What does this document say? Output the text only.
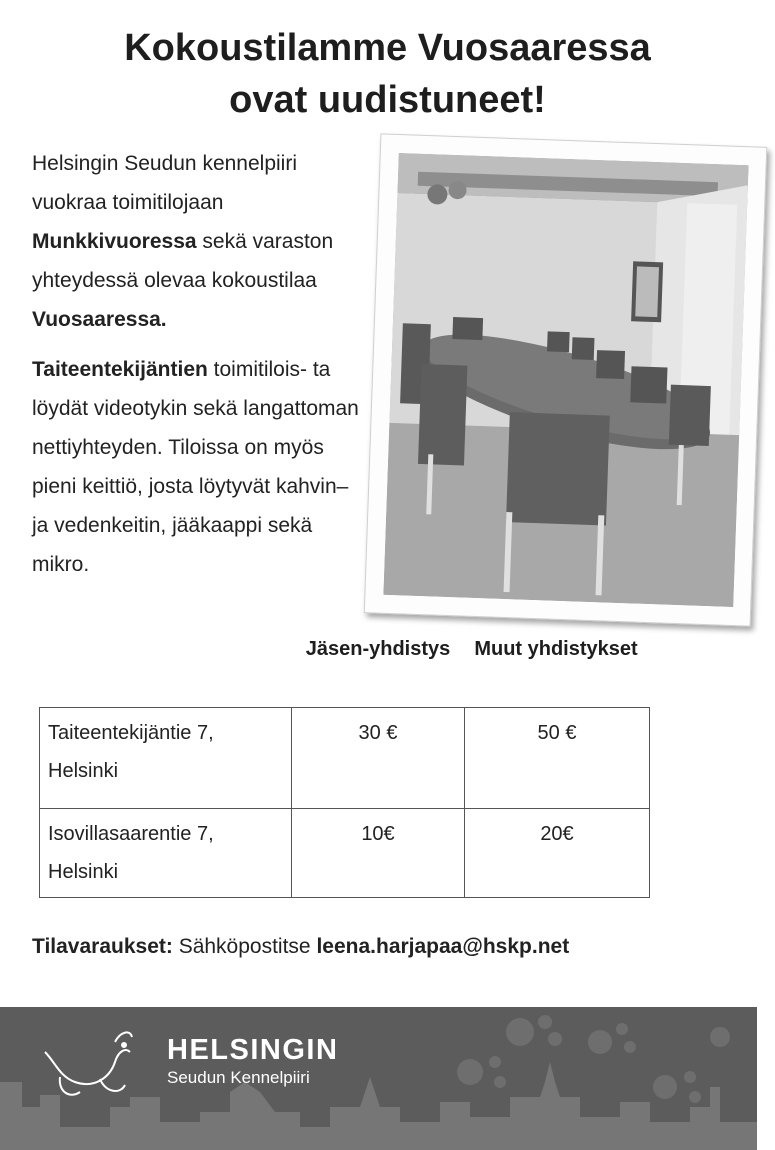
Kokoustilamme Vuosaaressa
ovat uudistuneet!
Helsingin Seudun kennelpiiri vuokraa toimitilojaan Munkkivuoressa sekä varaston yhteydessä olevaa kokoustilaa Vuosaaressa.
Taiteentekijäntien toimitilois- ta löydät videotykin sekä langattoman nettiyhteyden. Tiloissa on myös pieni keittiö, josta löytyvät kahvin– ja vedenkeitin, jääkaappi sekä mikro.
Jäsen-yhdistys	Muut yhdistykset
Taiteentekijäntie 7, Helsinki	30 €	50 €
Isovillasaarentie 7, Helsinki	10€	20€
Tilavaraukset: Sähköpostitse leena.harjapaa@hskp.net
HELSINGIN
Seudun Kennelpiiri
